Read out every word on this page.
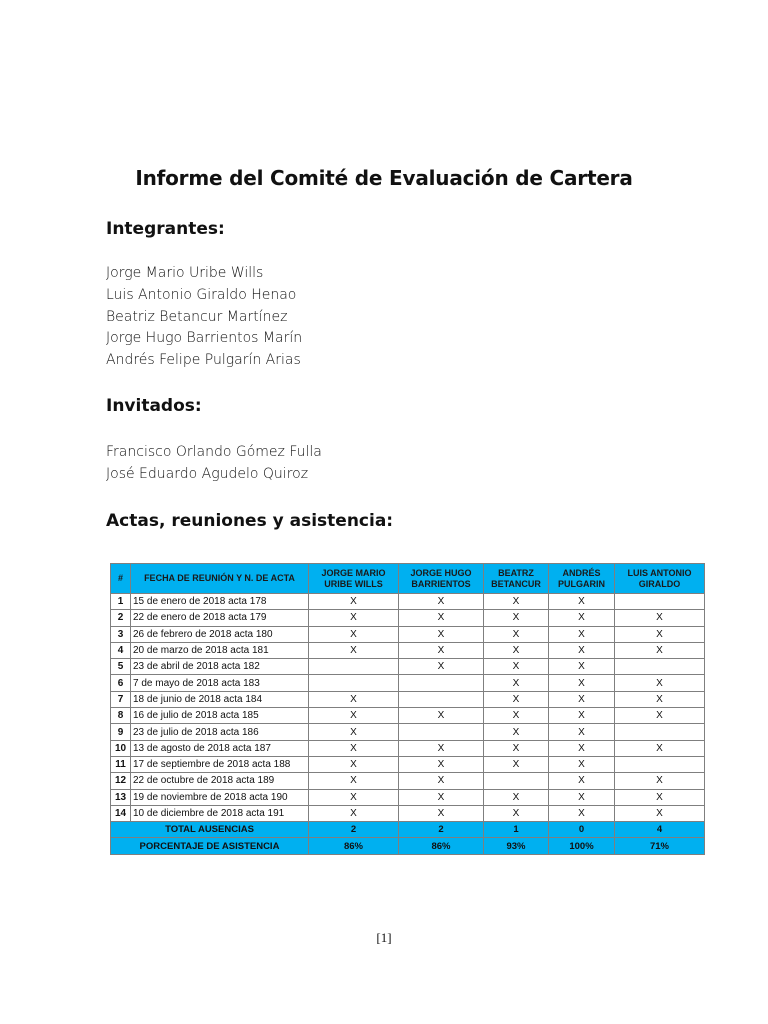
Informe del Comité de Evaluación de Cartera
Integrantes:
Jorge Mario Uribe Wills
Luis Antonio Giraldo Henao
Beatriz Betancur Martínez
Jorge Hugo Barrientos Marín
Andrés Felipe Pulgarín Arias
Invitados:
Francisco Orlando Gómez Fulla
José Eduardo Agudelo Quiroz
Actas, reuniones y asistencia:
#	FECHA DE REUNIÓN Y N. DE ACTA	JORGE MARIO URIBE WILLS	JORGE HUGO BARRIENTOS	BEATRZ BETANCUR	ANDRÉS PULGARIN	LUIS ANTONIO GIRALDO
1	15 de enero de 2018 acta 178	X	X	X	X	
2	22 de enero de 2018 acta 179	X	X	X	X	X
3	26 de febrero de 2018 acta 180	X	X	X	X	X
4	20 de marzo de 2018 acta 181	X	X	X	X	X
5	23 de abril de 2018 acta 182		X	X	X	
6	7 de mayo de 2018 acta 183			X	X	X
7	18 de junio de 2018 acta 184	X		X	X	X
8	16 de julio de 2018 acta 185	X	X	X	X	X
9	23 de julio de 2018 acta 186	X		X	X	
10	13 de agosto de 2018 acta 187	X	X	X	X	X
11	17 de septiembre de 2018 acta 188	X	X	X	X	
12	22 de octubre de 2018 acta 189	X	X		X	X
13	19 de noviembre de 2018 acta 190	X	X	X	X	X
14	10 de diciembre de 2018 acta 191	X	X	X	X	X
TOTAL AUSENCIAS		2	2	1	0	4
PORCENTAJE DE ASISTENCIA		86%	86%	93%	100%	71%
[1]
